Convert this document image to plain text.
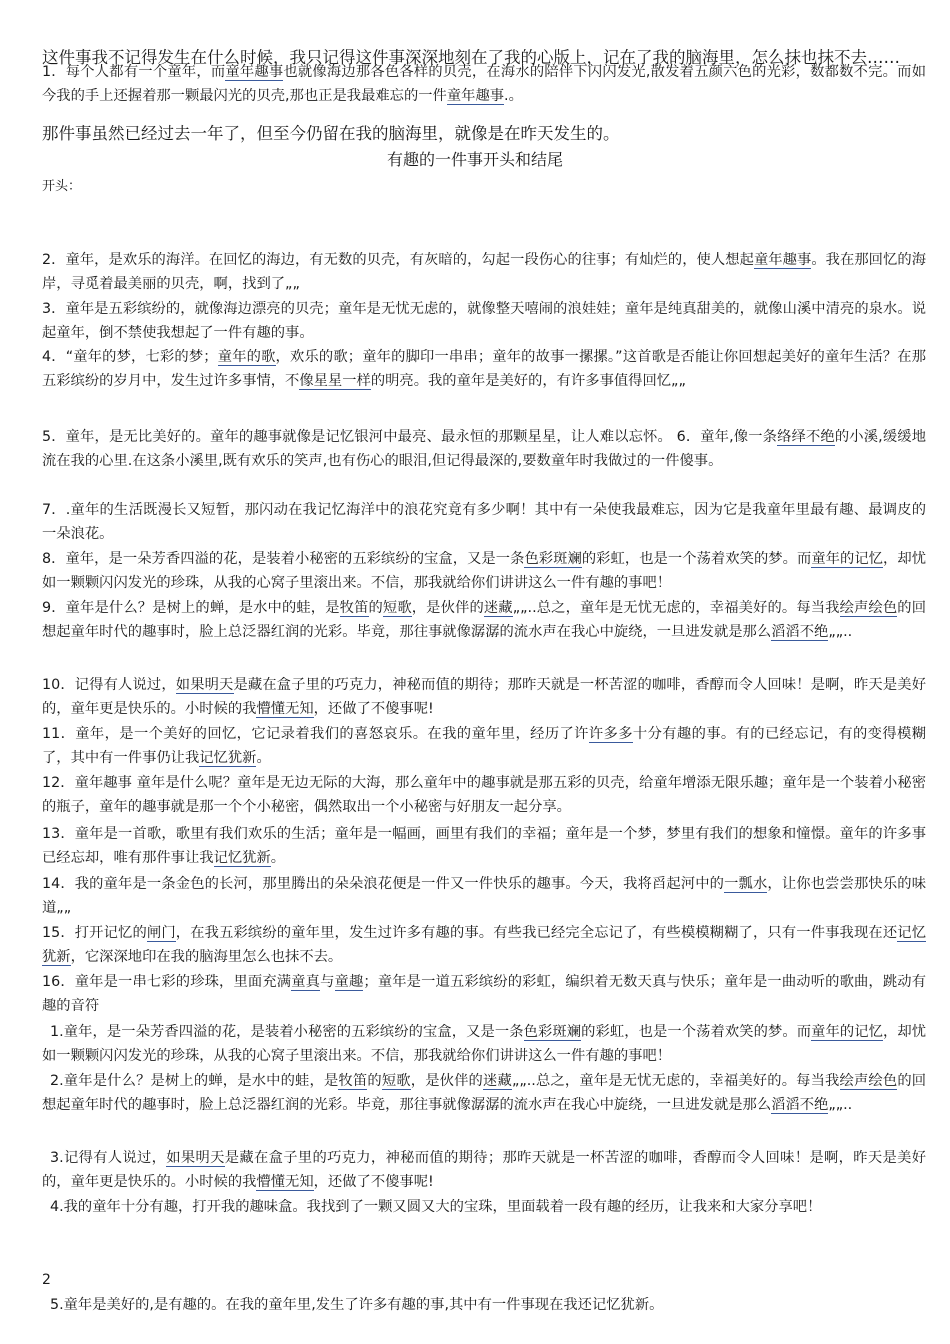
这件事我不记得发生在什么时候，我只记得这件事深深地刻在了我的心版上，记在了我的脑海里，怎么抹也抹不去……

那件事虽然已经过去一年了，但至今仍留在我的脑海里，就像是在昨天发生的。

有趣的一件事开头和结尾

开头：

1．每个人都有一个童年，而童年趣事也就像海边那各色各样的贝壳，在海水的陪伴下闪闪发光,散发着五颜六色的光彩，数都数不完。而如今我的手上还握着那一颗最闪光的贝壳,那也正是我最难忘的一件童年趣事.。

2．童年，是欢乐的海洋。在回忆的海边，有无数的贝壳，有灰暗的，勾起一段伤心的往事；有灿烂的，使人想起童年趣事。我在那回忆的海岸，寻觅着最美丽的贝壳，啊，找到了„„

3．童年是五彩缤纷的，就像海边漂亮的贝壳；童年是无忧无虑的，就像整天嘻闹的浪娃娃；童年是纯真甜美的，就像山溪中清亮的泉水。说起童年，倒不禁使我想起了一件有趣的事。

4．“童年的梦，七彩的梦；童年的歌，欢乐的歌；童年的脚印一串串；童年的故事一摞摞。”这首歌是否能让你回想起美好的童年生活？在那五彩缤纷的岁月中，发生过许多事情，不像星星一样的明亮。我的童年是美好的，有许多事值得回忆„„

5．童年，是无比美好的。童年的趣事就像是记忆银河中最亮、最永恒的那颗星星，让人难以忘怀。 6．童年,像一条络绎不绝的小溪,缓缓地流在我的心里.在这条小溪里,既有欢乐的笑声,也有伤心的眼泪,但记得最深的,要数童年时我做过的一件傻事。

7．.童年的生活既漫长又短暂，那闪动在我记忆海洋中的浪花究竟有多少啊！其中有一朵使我最难忘，因为它是我童年里最有趣、最调皮的一朵浪花。

8．童年，是一朵芳香四溢的花，是装着小秘密的五彩缤纷的宝盒，又是一条色彩斑斓的彩虹，也是一个荡着欢笑的梦。而童年的记忆，却忧如一颗颗闪闪发光的珍珠，从我的心窝子里滚出来。不信，那我就给你们讲讲这么一件有趣的事吧！

9．童年是什么？是树上的蝉，是水中的蛙，是牧笛的短歌，是伙伴的迷藏„„..总之，童年是无忧无虑的，幸福美好的。每当我绘声绘色的回想起童年时代的趣事时，脸上总泛器红润的光彩。毕竟，那往事就像潺潺的流水声在我心中旋绕，一旦进发就是那么滔滔不绝„„..

10．记得有人说过，如果明天是藏在盒子里的巧克力，神秘而值的期待；那昨天就是一杯苦涩的咖啡，香醇而令人回味！是啊，昨天是美好的，童年更是快乐的。小时候的我懵懂无知，还做了不傻事呢!

11．童年，是一个美好的回忆，它记录着我们的喜怒哀乐。在我的童年里，经历了许许多多十分有趣的事。有的已经忘记，有的变得模糊了，其中有一件事仍让我记忆犹新。

12．童年趣事 童年是什么呢？童年是无边无际的大海，那么童年中的趣事就是那五彩的贝壳，给童年增添无限乐趣；童年是一个装着小秘密的瓶子，童年的趣事就是那一个个小秘密，偶然取出一个小秘密与好朋友一起分享。

13．童年是一首歌，歌里有我们欢乐的生活；童年是一幅画，画里有我们的幸福；童年是一个梦，梦里有我们的想象和憧憬。童年的许多事已经忘却，唯有那件事让我记忆犹新。

14．我的童年是一条金色的长河，那里腾出的朵朵浪花便是一件又一件快乐的趣事。今天，我将舀起河中的一瓢水，让你也尝尝那快乐的味道„„

15．打开记忆的闸门，在我五彩缤纷的童年里，发生过许多有趣的事。有些我已经完全忘记了，有些模模糊糊了，只有一件事我现在还记忆犹新，它深深地印在我的脑海里怎么也抹不去。

16．童年是一串七彩的珍珠，里面充满童真与童趣；童年是一道五彩缤纷的彩虹，编织着无数天真与快乐；童年是一曲动听的歌曲，跳动有趣的音符

1.童年，是一朵芳香四溢的花，是装着小秘密的五彩缤纷的宝盒，又是一条色彩斑斓的彩虹，也是一个荡着欢笑的梦。而童年的记忆，却忧如一颗颗闪闪发光的珍珠，从我的心窝子里滚出来。不信，那我就给你们讲讲这么一件有趣的事吧！

2.童年是什么？是树上的蝉，是水中的蛙，是牧笛的短歌，是伙伴的迷藏„„..总之，童年是无忧无虑的，幸福美好的。每当我绘声绘色的回想起童年时代的趣事时，脸上总泛器红润的光彩。毕竟，那往事就像潺潺的流水声在我心中旋绕，一旦进发就是那么滔滔不绝„„..

3.记得有人说过，如果明天是藏在盒子里的巧克力，神秘而值的期待；那昨天就是一杯苦涩的咖啡，香醇而令人回味！是啊，昨天是美好的，童年更是快乐的。小时候的我懵懂无知，还做了不傻事呢!

4.我的童年十分有趣，打开我的趣味盒。我找到了一颗又圆又大的宝珠，里面载着一段有趣的经历，让我来和大家分享吧！

5.童年是美好的,是有趣的。在我的童年里,发生了许多有趣的事,其中有一件事现在我还记忆犹新。

2
